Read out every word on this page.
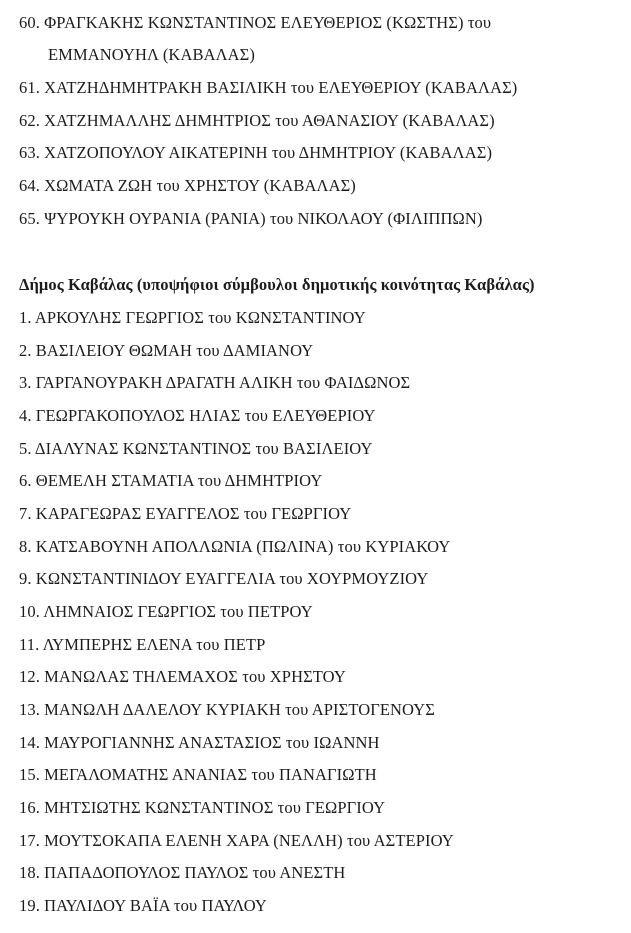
60. ΦΡΑΓΚΑΚΗΣ ΚΩΝΣΤΑΝΤΙΝΟΣ ΕΛΕΥΘΕΡΙΟΣ (ΚΩΣΤΗΣ) του
ΕΜΜΑΝΟΥΗΛ (ΚΑΒΑΛΑΣ)
61. ΧΑΤΖΗΔΗΜΗΤΡΑΚΗ ΒΑΣΙΛΙΚΗ του ΕΛΕΥΘΕΡΙΟΥ (ΚΑΒΑΛΑΣ)
62. ΧΑΤΖΗΜΑΛΛΗΣ ΔΗΜΗΤΡΙΟΣ του ΑΘΑΝΑΣΙΟΥ (ΚΑΒΑΛΑΣ)
63. ΧΑΤΖΟΠΟΥΛΟΥ ΑΙΚΑΤΕΡΙΝΗ του ΔΗΜΗΤΡΙΟΥ (ΚΑΒΑΛΑΣ)
64. ΧΩΜΑΤΑ ΖΩΗ του ΧΡΗΣΤΟΥ (ΚΑΒΑΛΑΣ)
65. ΨΥΡΟΥΚΗ ΟΥΡΑΝΙΑ (ΡΑΝΙΑ) του ΝΙΚΟΛΑΟΥ (ΦΙΛΙΠΠΩΝ)
Δήμος Καβάλας (υποψήφιοι σύμβουλοι δημοτικής κοινότητας Καβάλας)
1. ΑΡΚΟΥΛΗΣ ΓΕΩΡΓΙΟΣ του ΚΩΝΣΤΑΝΤΙΝΟΥ
2. ΒΑΣΙΛΕΙΟΥ ΘΩΜΑΗ του ΔΑΜΙΑΝΟΥ
3. ΓΑΡΓΑΝΟΥΡΑΚΗ ΔΡΑΓΑΤΗ ΑΛΙΚΗ του ΦΑΙΔΩΝΟΣ
4. ΓΕΩΡΓΑΚΟΠΟΥΛΟΣ ΗΛΙΑΣ του ΕΛΕΥΘΕΡΙΟΥ
5. ΔΙΑΛΥΝΑΣ ΚΩΝΣΤΑΝΤΙΝΟΣ του ΒΑΣΙΛΕΙΟΥ
6. ΘΕΜΕΛΗ ΣΤΑΜΑΤΙΑ του ΔΗΜΗΤΡΙΟΥ
7. ΚΑΡΑΓΕΩΡΑΣ ΕΥΑΓΓΕΛΟΣ του ΓΕΩΡΓΙΟΥ
8. ΚΑΤΣΑΒΟΥΝΗ ΑΠΟΛΛΩΝΙΑ (ΠΩΛΙΝΑ) του ΚΥΡΙΑΚΟΥ
9. ΚΩΝΣΤΑΝΤΙΝΙΔΟΥ ΕΥΑΓΓΕΛΙΑ του ΧΟΥΡΜΟΥΖΙΟΥ
10. ΛΗΜΝΑΙΟΣ ΓΕΩΡΓΙΟΣ του ΠΕΤΡΟΥ
11. ΛΥΜΠΕΡΗΣ ΕΛΕΝΑ του ΠΕΤΡ
12. ΜΑΝΩΛΑΣ ΤΗΛΕΜΑΧΟΣ του ΧΡΗΣΤΟΥ
13. ΜΑΝΩΛΗ ΔΑΛΕΛΟΥ ΚΥΡΙΑΚΗ του ΑΡΙΣΤΟΓΕΝΟΥΣ
14. ΜΑΥΡΟΓΙΑΝΝΗΣ ΑΝΑΣΤΑΣΙΟΣ του ΙΩΑΝΝΗ
15. ΜΕΓΑΛΟΜΑΤΗΣ ΑΝΑΝΙΑΣ του ΠΑΝΑΓΙΩΤΗ
16. ΜΗΤΣΙΩΤΗΣ ΚΩΝΣΤΑΝΤΙΝΟΣ του ΓΕΩΡΓΙΟΥ
17. ΜΟΥΤΣΟΚΑΠΑ ΕΛΕΝΗ ΧΑΡΑ (ΝΕΛΛΗ) του ΑΣΤΕΡΙΟΥ
18. ΠΑΠΑΔΟΠΟΥΛΟΣ ΠΑΥΛΟΣ του ΑΝΕΣΤΗ
19. ΠΑΥΛΙΔΟΥ ΒΑΪΑ του ΠΑΥΛΟΥ
